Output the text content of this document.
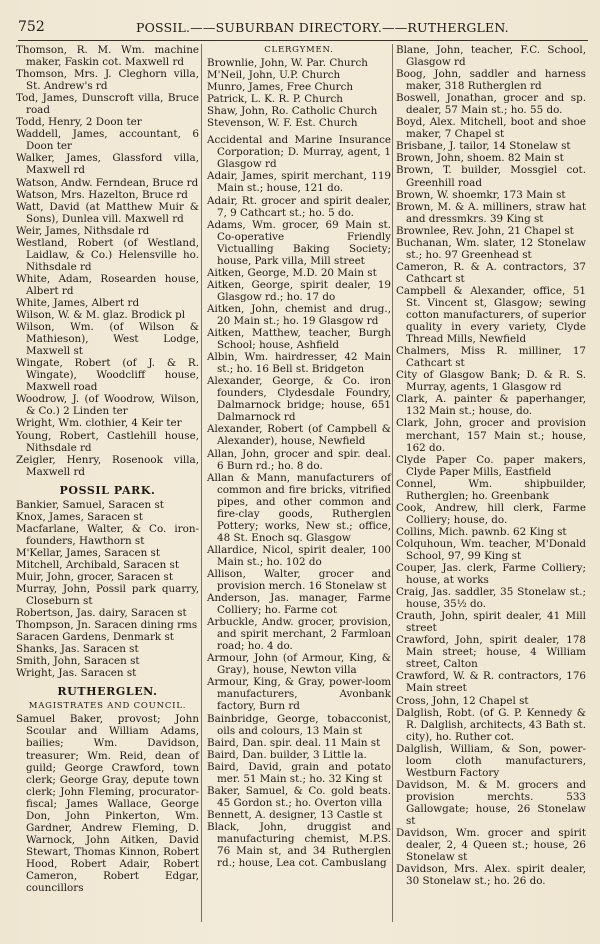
752	POSSIL.——SUBURBAN DIRECTORY.——RUTHERGLEN.

Thomson, R. M. Wm. machine maker, Faskin cot. Maxwell rd

Thomson, Mrs. J. Cleghorn villa, St. Andrew's rd

Tod, James, Dunscroft villa, Bruce road

Todd, Henry, 2 Doon ter

Waddell, James, accountant, 6 Doon ter

Walker, James, Glassford villa, Maxwell rd

Watson, Andw. Ferndean, Bruce rd

Watson, Mrs. Hazelton, Bruce rd

Watt, David (at Matthew Muir & Sons), Dunlea vill. Maxwell rd

Weir, James, Nithsdale rd

Westland, Robert (of Westland, Laidlaw, & Co.) Helensville ho. Nithsdale rd

White, Adam, Rosearden house, Albert rd

White, James, Albert rd

Wilson, W. & M. glaz. Brodick pl

Wilson, Wm. (of Wilson & Mathieson), West Lodge, Maxwell st

Wingate, Robert (of J. & R. Wingate), Woodcliff house, Maxwell road

Woodrow, J. (of Woodrow, Wilson, & Co.) 2 Linden ter

Wright, Wm. clothier, 4 Keir ter

Young, Robert, Castlehill house, Nithsdale rd

Zeigler, Henry, Rosenook villa, Maxwell rd

POSSIL PARK.

Bankier, Samuel, Saracen st

Knox, James, Saracen st

Macfarlane, Walter, & Co. iron-founders, Hawthorn st

M'Kellar, James, Saracen st

Mitchell, Archibald, Saracen st

Muir, John, grocer, Saracen st

Murray, John, Possil park quarry, Closeburn st

Robertson, Jas. dairy, Saracen st

Thompson, Jn. Saracen dining rms

Saracen Gardens, Denmark st

Shanks, Jas. Saracen st

Smith, John, Saracen st

Wright, Jas. Saracen st

RUTHERGLEN.
MAGISTRATES AND COUNCIL.

Samuel Baker, provost; John Scoular and William Adams, bailies; Wm. Davidson, treasurer; Wm. Reid, dean of guild; George Crawford, town clerk; George Gray, depute town clerk; John Fleming, procurator-fiscal; James Wallace, George Don, John Pinkerton, Wm. Gardner, Andrew Fleming, D. Warnock, John Aitken, David Stewart, Thomas Kinnon, Robert Hood, Robert Adair, Robert Cameron, Robert Edgar, councillors

CLERGYMEN.

Brownlie, John, W. Par. Church

M'Neil, John, U.P. Church

Munro, James, Free Church

Patrick, L. K. R. P. Church

Shaw, John, Ro. Catholic Church

Stevenson, W. F. Est. Church

Accidental and Marine Insurance Corporation; D. Murray, agent, 1 Glasgow rd

Adair, James, spirit merchant, 119 Main st.; house, 121 do.

Adair, Rt. grocer and spirit dealer, 7, 9 Cathcart st.; ho. 5 do.

Adams, Wm. grocer, 69 Main st. Co-operative Friendly Victualling Baking Society; house, Park villa, Mill street

Aitken, George, M.D. 20 Main st

Aitken, George, spirit dealer, 19 Glasgow rd.; ho. 17 do

Aitken, John, chemist and drug., 20 Main st.; ho. 19 Glasgow rd

Aitken, Matthew, teacher, Burgh School; house, Ashfield

Albin, Wm. hairdresser, 42 Main st.; ho. 16 Bell st. Bridgeton

Alexander, George, & Co. iron founders, Clydesdale Foundry, Dalmarnock bridge; house, 651 Dalmarnock rd

Alexander, Robert (of Campbell & Alexander), house, Newfield

Allan, John, grocer and spir. deal. 6 Burn rd.; ho. 8 do.

Allan & Mann, manufacturers of common and fire bricks, vitrified pipes, and other common and fire-clay goods, Rutherglen Pottery; works, New st.; office, 48 St. Enoch sq. Glasgow

Allardice, Nicol, spirit dealer, 100 Main st.; ho. 102 do

Allison, Walter, grocer and provision merch. 16 Stonelaw st

Anderson, Jas. manager, Farme Colliery; ho. Farme cot

Arbuckle, Andw. grocer, provision, and spirit merchant, 2 Farmloan road; ho. 4 do.

Armour, John (of Armour, King, & Gray), house, Newton villa

Armour, King, & Gray, power-loom manufacturers, Avonbank factory, Burn rd

Bainbridge, George, tobacconist, oils and colours, 13 Main st

Baird, Dan. spir. deal. 11 Main st

Baird, Dan. builder, 3 Little la.

Baird, David, grain and potato mer. 51 Main st.; ho. 32 King st

Baker, Samuel, & Co. gold beats. 45 Gordon st.; ho. Overton villa

Bennett, A. designer, 13 Castle st

Black, John, druggist and manufacturing chemist, M.P.S. 76 Main st, and 34 Rutherglen rd.; house, Lea cot. Cambuslang

Blane, John, teacher, F.C. School, Glasgow rd

Boog, John, saddler and harness maker, 318 Rutherglen rd

Boswell, Jonathan, grocer and sp. dealer, 57 Main st.; ho. 55 do.

Boyd, Alex. Mitchell, boot and shoe maker, 7 Chapel st

Brisbane, J. tailor, 14 Stonelaw st

Brown, John, shoem. 82 Main st

Brown, T. builder, Mossgiel cot. Greenhill road

Brown, W. shoemkr, 173 Main st

Brown, M. & A. milliners, straw hat and dressmkrs. 39 King st

Brownlee, Rev. John, 21 Chapel st

Buchanan, Wm. slater, 12 Stonelaw st.; ho. 97 Greenhead st

Cameron, R. & A. contractors, 37 Cathcart st

Campbell & Alexander, office, 51 St. Vincent st, Glasgow; sewing cotton manufacturers, of superior quality in every variety, Clyde Thread Mills, Newfield

Chalmers, Miss R. milliner, 17 Cathcart st

City of Glasgow Bank; D. & R. S. Murray, agents, 1 Glasgow rd

Clark, A. painter & paperhanger, 132 Main st.; house, do.

Clark, John, grocer and provision merchant, 157 Main st.; house, 162 do.

Clyde Paper Co. paper makers, Clyde Paper Mills, Eastfield

Connel, Wm. shipbuilder, Rutherglen; ho. Greenbank

Cook, Andrew, hill clerk, Farme Colliery; house, do.

Collins, Mich. pawnb. 62 King st

Colquhoun, Wm. teacher, M'Donald School, 97, 99 King st

Couper, Jas. clerk, Farme Colliery; house, at works

Craig, Jas. saddler, 35 Stonelaw st.; house, 35½ do.

Crauth, John, spirit dealer, 41 Mill street

Crawford, John, spirit dealer, 178 Main street; house, 4 William street, Calton

Crawford, W. & R. contractors, 176 Main street

Cross, John, 12 Chapel st

Dalglish, Robt. (of G. P. Kennedy & R. Dalglish, architects, 43 Bath st. city), ho. Ruther cot.

Dalglish, William, & Son, power-loom cloth manufacturers, Westburn Factory

Davidson, M. & M. grocers and provision merchts. 533 Gallowgate; house, 26 Stonelaw st

Davidson, Wm. grocer and spirit dealer, 2, 4 Queen st.; house, 26 Stonelaw st

Davidson, Mrs. Alex. spirit dealer, 30 Stonelaw st.; ho. 26 do.
